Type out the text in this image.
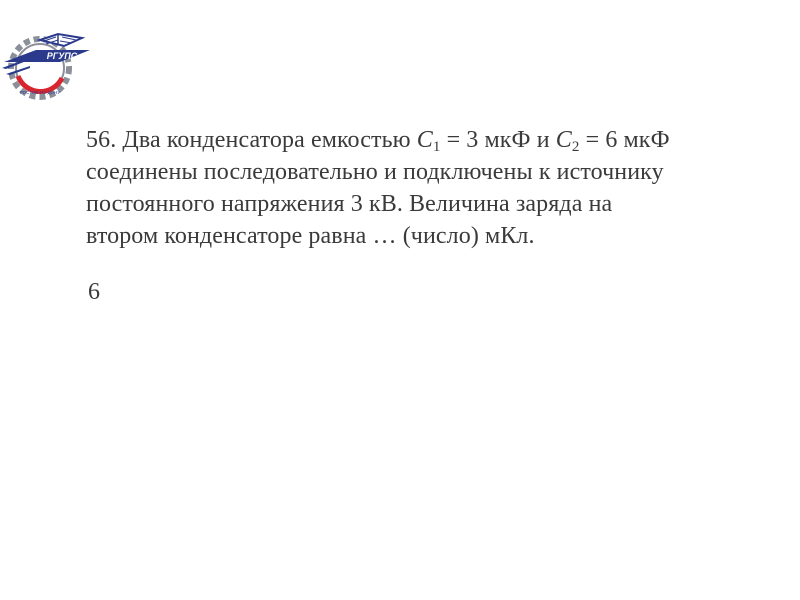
РГУПС
РОСТОВ-НА-ДОНУ
56. Два конденсатора емкостью $C_1 = 3$ мкФ и $C_2 = 6$ мкФ
соединены последовательно и подключены к источнику
постоянного напряжения 3 кВ. Величина заряда на
втором конденсаторе равна … (число) мКл.
6
